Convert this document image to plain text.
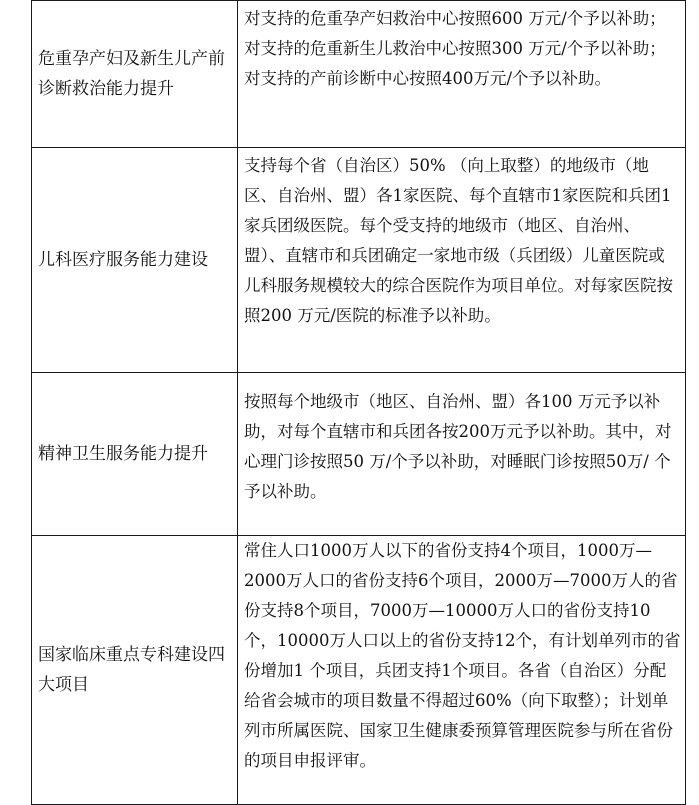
危重孕产妇及新生儿产前诊断救治能力提升	对支持的危重孕产妇救治中心按照600 万元/个予以补助；对支持的危重新生儿救治中心按照300 万元/个予以补助；对支持的产前诊断中心按照400万元/个予以补助。
儿科医疗服务能力建设	支持每个省（自治区）50% （向上取整）的地级市（地区、自治州、盟）各1家医院、每个直辖市1家医院和兵团1家兵团级医院。每个受支持的地级市（地区、自治州、盟）、直辖市和兵团确定一家地市级（兵团级）儿童医院或儿科服务规模较大的综合医院作为项目单位。对每家医院按照200 万元/医院的标准予以补助。
精神卫生服务能力提升	按照每个地级市（地区、自治州、盟）各100 万元予以补助，对每个直辖市和兵团各按200万元予以补助。其中，对心理门诊按照50 万/个予以补助，对睡眠门诊按照50万/ 个予以补助。
国家临床重点专科建设四大项目	常住人口1000万人以下的省份支持4个项目，1000万—2000万人口的省份支持6个项目，2000万—7000万人的省份支持8个项目，7000万—10000万人口的省份支持10个，10000万人口以上的省份支持12个，有计划单列市的省份增加1 个项目，兵团支持1个项目。各省（自治区）分配给省会城市的项目数量不得超过60%（向下取整）；计划单列市所属医院、国家卫生健康委预算管理医院参与所在省份的项目申报评审。
